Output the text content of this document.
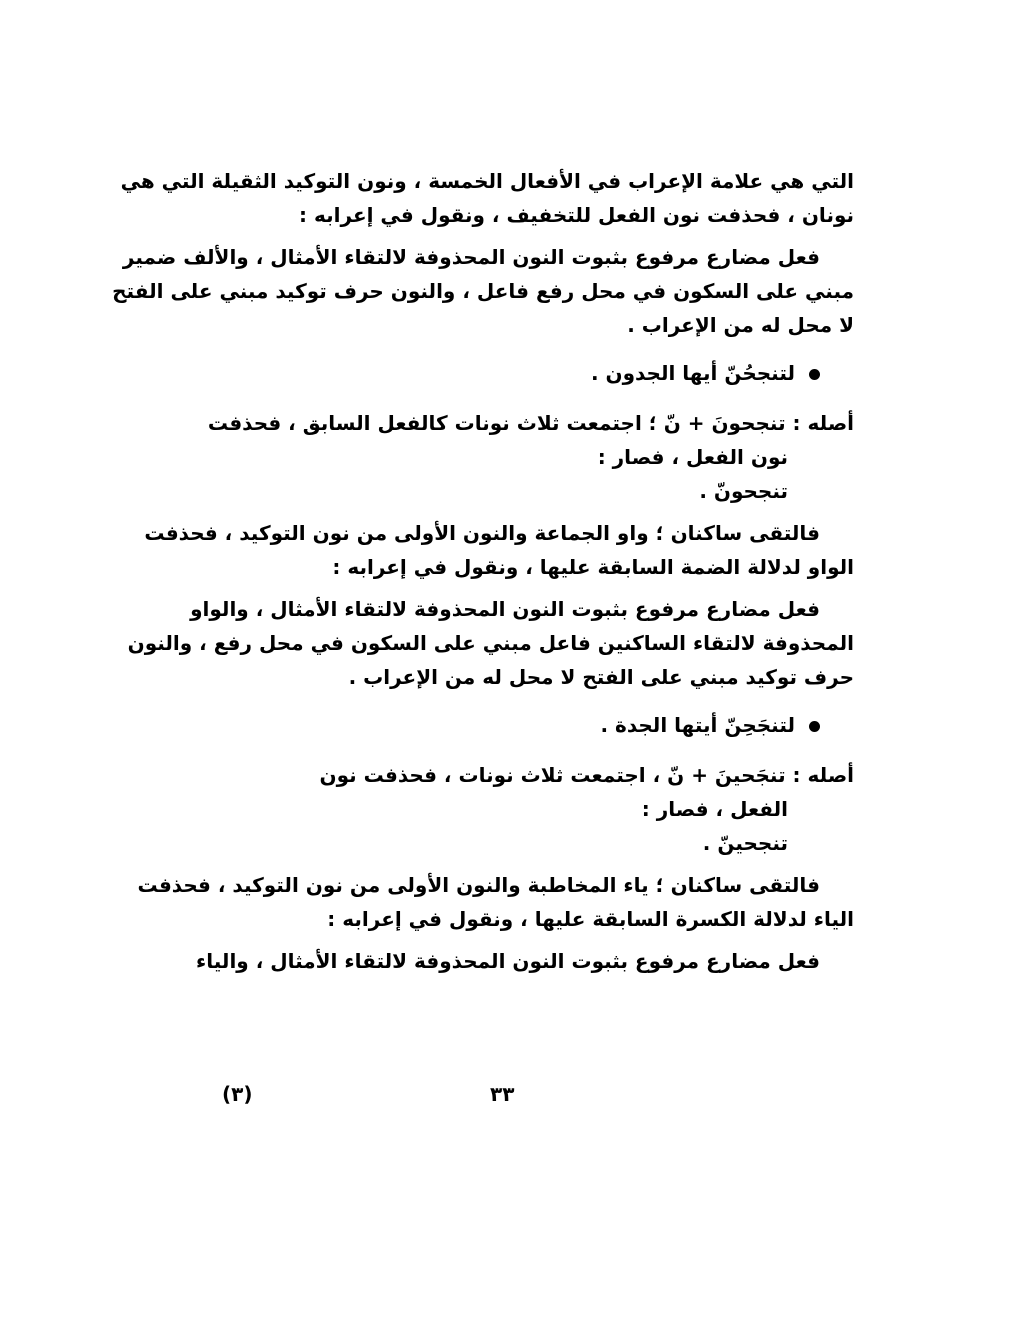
التي هي علامة الإعراب في الأفعال الخمسة ، ونون التوكيد الثقيلة التي هي
نونان ، فحذفت نون الفعل للتخفيف ، ونقول في إعرابه :
فعل مضارع مرفوع بثبوت النون المحذوفة لالتقاء الأمثال ، والألف ضمير
مبني على السكون في محل رفع فاعل ، والنون حرف توكيد مبني على الفتح
لا محل له من الإعراب .
لتنجحُنّ أيها الجدون .
أصله : تنجحونَ + نّ ؛ اجتمعت ثلاث نونات كالفعل السابق ، فحذفت
نون الفعل ، فصار :
تنجحونّ .
فالتقى ساكنان ؛ واو الجماعة والنون الأولى من نون التوكيد ، فحذفت
الواو لدلالة الضمة السابقة عليها ، ونقول في إعرابه :
فعل مضارع مرفوع بثبوت النون المحذوفة لالتقاء الأمثال ، والواو
المحذوفة لالتقاء الساكنين فاعل مبني على السكون في محل رفع ، والنون
حرف توكيد مبني على الفتح لا محل له من الإعراب .
لتنجَحِنّ أيتها الجدة .
أصله : تنجَحينَ + نّ ، اجتمعت ثلاث نونات ، فحذفت نون
الفعل ، فصار :
تنجحينّ .
فالتقى ساكنان ؛ ياء المخاطبة والنون الأولى من نون التوكيد ، فحذفت
الياء لدلالة الكسرة السابقة عليها ، ونقول في إعرابه :
فعل مضارع مرفوع بثبوت النون المحذوفة لالتقاء الأمثال ، والياء
(٣)	٣٣
